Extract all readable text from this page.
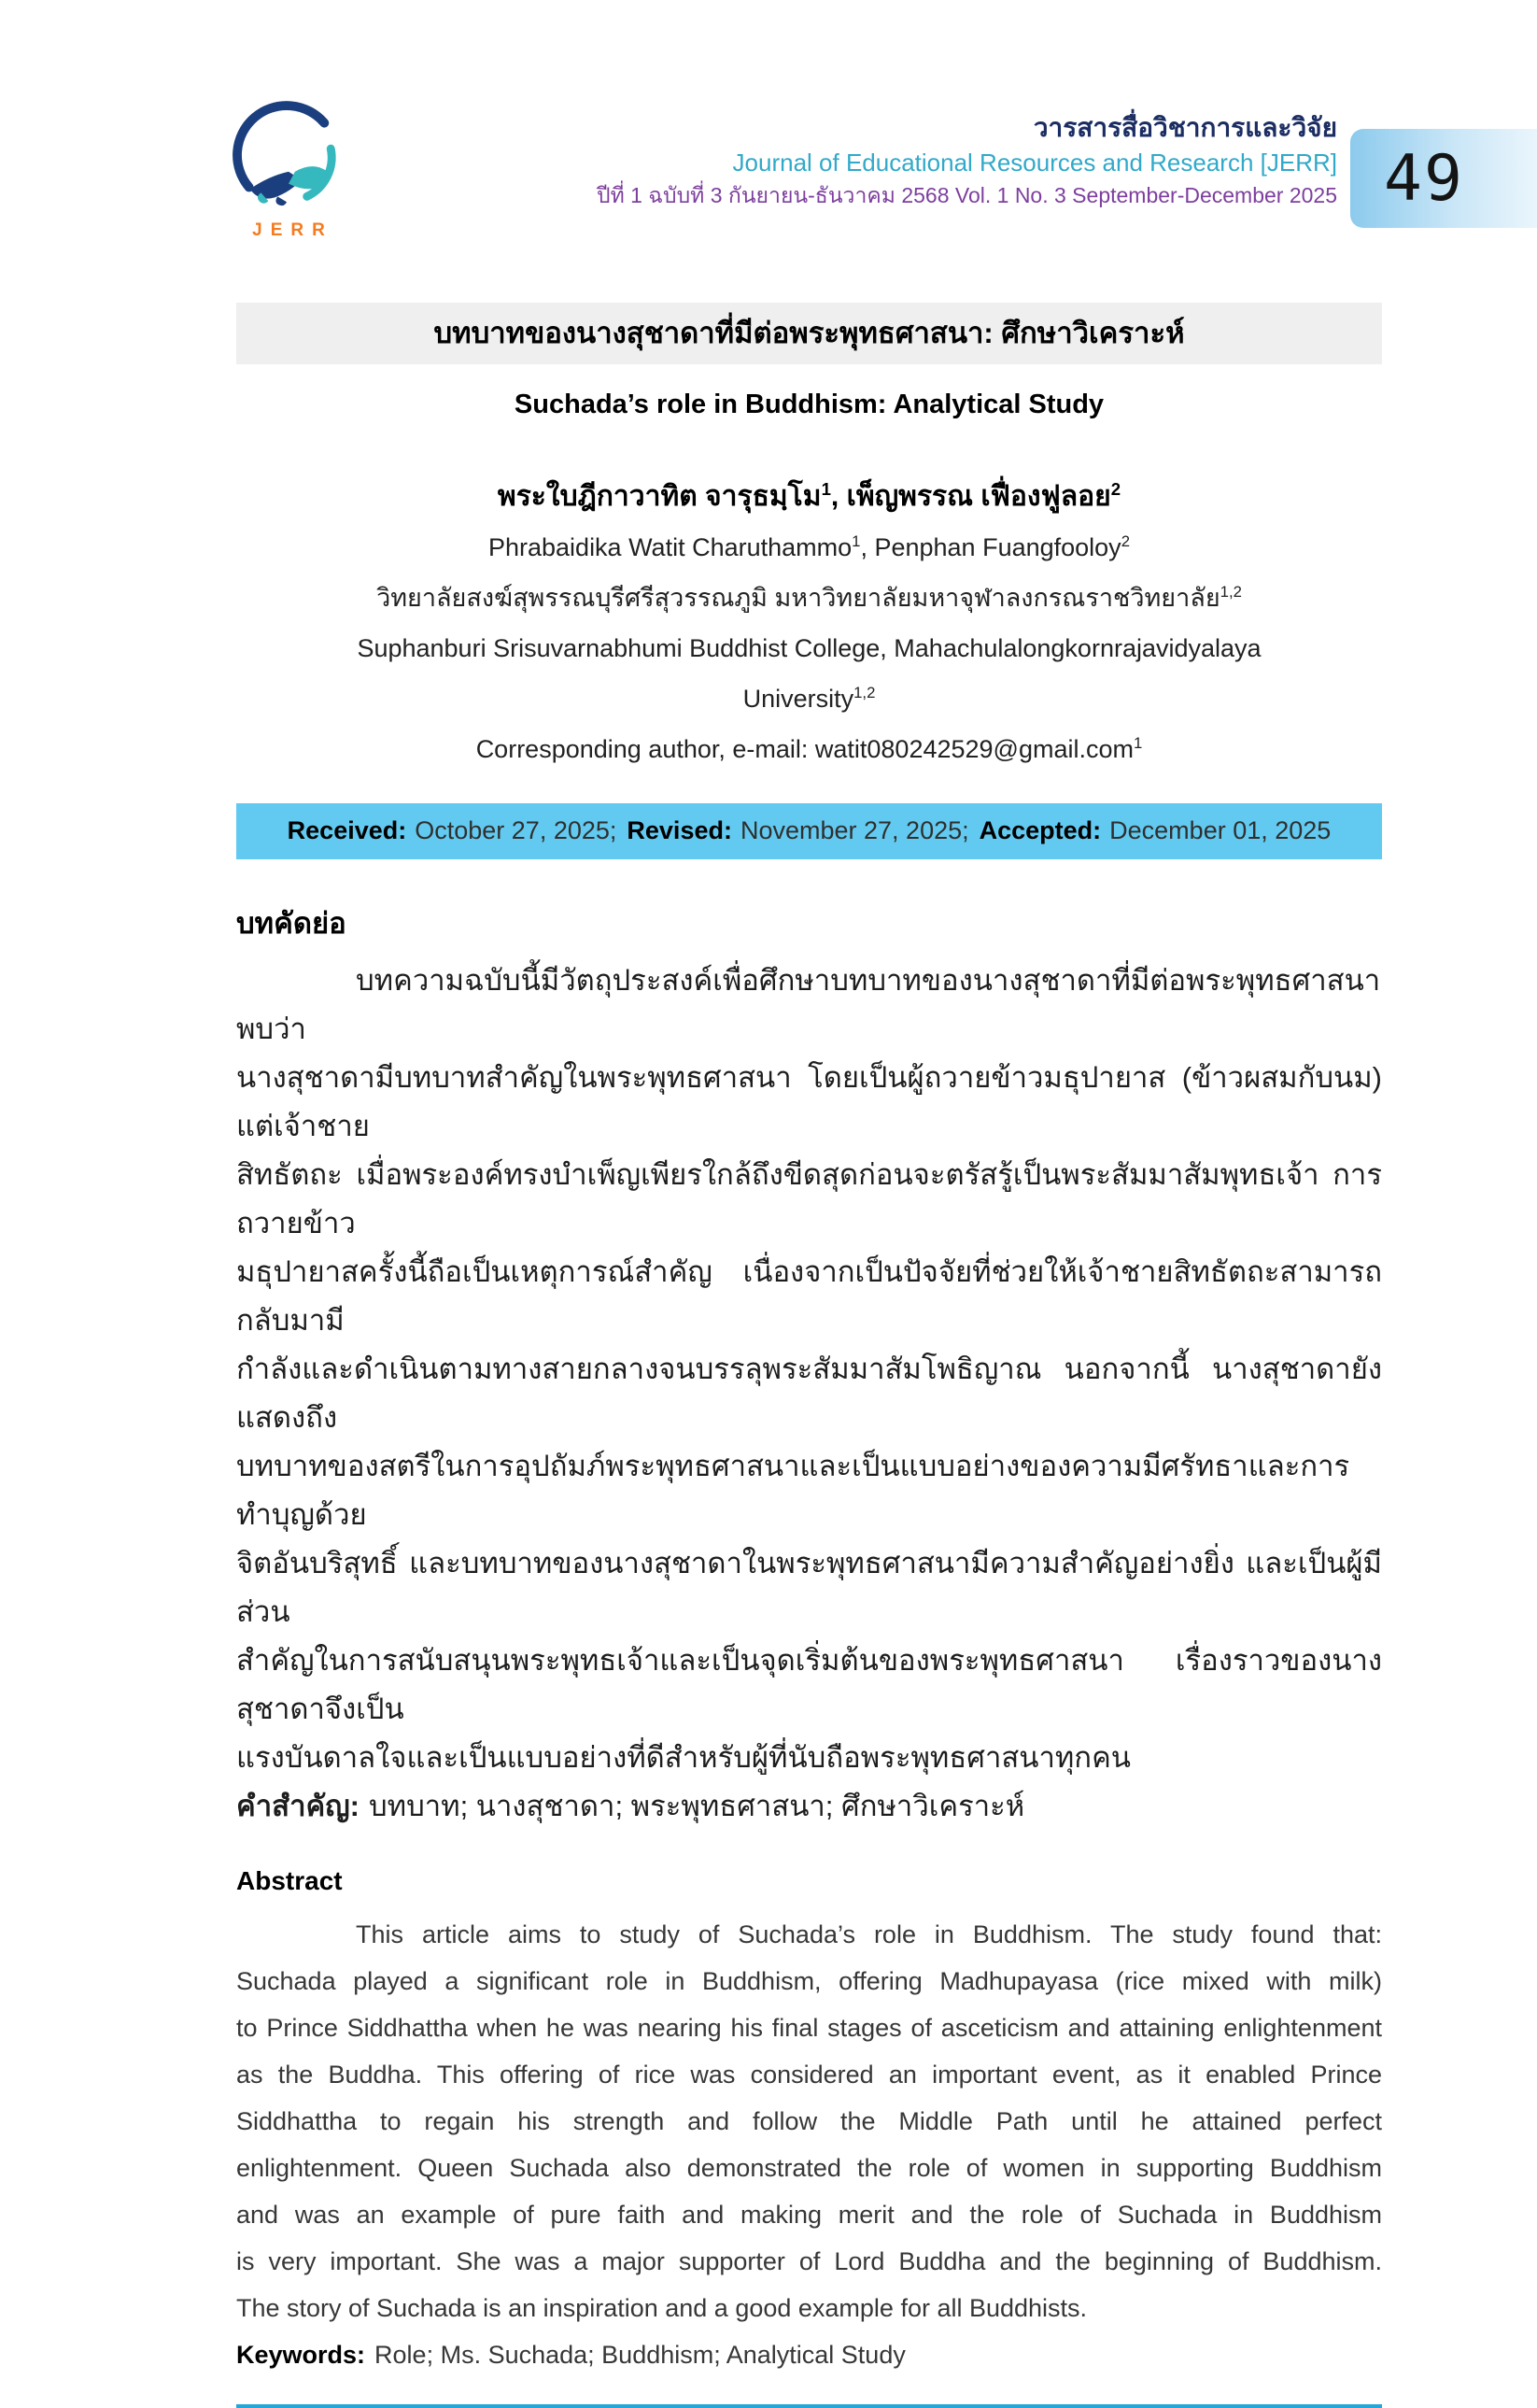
JERR
วารสารสื่อวิชาการและวิจัย
Journal of Educational Resources and Research [JERR]
ปีที่ 1 ฉบับที่ 3 กันยายน-ธันวาคม 2568 Vol. 1 No. 3 September-December 2025 49
บทบาทของนางสุชาดาที่มีต่อพระพุทธศาสนา: ศึกษาวิเคราะห์
Suchada’s role in Buddhism: Analytical Study
พระใบฎีกาวาทิต จารุธมฺโม$^1$, เพ็ญพรรณ เฟื่องฟูลอย$^2$
Phrabaidika Watit Charuthammo$^1$, Penphan Fuangfooloy$^2$
วิทยาลัยสงฆ์สุพรรณบุรีศรีสุวรรณภูมิ มหาวิทยาลัยมหาจุฬาลงกรณราชวิทยาลัย$^{1,2}$
Suphanburi Srisuvarnabhumi Buddhist College, Mahachulalongkornrajavidyalaya
University$^{1,2}$
Corresponding author, e-mail: watit080242529@gmail.com$^1$
Received: October 27, 2025; Revised: November 27, 2025; Accepted: December 01, 2025
บทคัดย่อ
บทความฉบับนี้มีวัตถุประสงค์เพื่อศึกษาบทบาทของนางสุชาดาที่มีต่อพระพุทธศาสนา พบว่า
นางสุชาดามีบทบาทสำคัญในพระพุทธศาสนา โดยเป็นผู้ถวายข้าวมธุปายาส (ข้าวผสมกับนม) แต่เจ้าชาย
สิทธัตถะ เมื่อพระองค์ทรงบำเพ็ญเพียรใกล้ถึงขีดสุดก่อนจะตรัสรู้เป็นพระสัมมาสัมพุทธเจ้า การถวายข้าว
มธุปายาสครั้งนี้ถือเป็นเหตุการณ์สำคัญ เนื่องจากเป็นปัจจัยที่ช่วยให้เจ้าชายสิทธัตถะสามารถกลับมามี
กำลังและดำเนินตามทางสายกลางจนบรรลุพระสัมมาสัมโพธิญาณ นอกจากนี้ นางสุชาดายังแสดงถึง
บทบาทของสตรีในการอุปถัมภ์พระพุทธศาสนาและเป็นแบบอย่างของความมีศรัทธาและการทำบุญด้วย
จิตอันบริสุทธิ์ และบทบาทของนางสุชาดาในพระพุทธศาสนามีความสำคัญอย่างยิ่ง และเป็นผู้มีส่วน
สำคัญในการสนับสนุนพระพุทธเจ้าและเป็นจุดเริ่มต้นของพระพุทธศาสนา เรื่องราวของนางสุชาดาจึงเป็น
แรงบันดาลใจและเป็นแบบอย่างที่ดีสำหรับผู้ที่นับถือพระพุทธศาสนาทุกคน
คำสำคัญ: บทบาท; นางสุชาดา; พระพุทธศาสนา; ศึกษาวิเคราะห์
Abstract
This article aims to study of Suchada’s role in Buddhism. The study found that:
Suchada played a significant role in Buddhism, offering Madhupayasa (rice mixed with milk)
to Prince Siddhattha when he was nearing his final stages of asceticism and attaining enlightenment
as the Buddha. This offering of rice was considered an important event, as it enabled Prince
Siddhattha to regain his strength and follow the Middle Path until he attained perfect
enlightenment. Queen Suchada also demonstrated the role of women in supporting Buddhism
and was an example of pure faith and making merit and the role of Suchada in Buddhism
is very important. She was a major supporter of Lord Buddha and the beginning of Buddhism.
The story of Suchada is an inspiration and a good example for all Buddhists.
Keywords: Role; Ms. Suchada; Buddhism; Analytical Study
